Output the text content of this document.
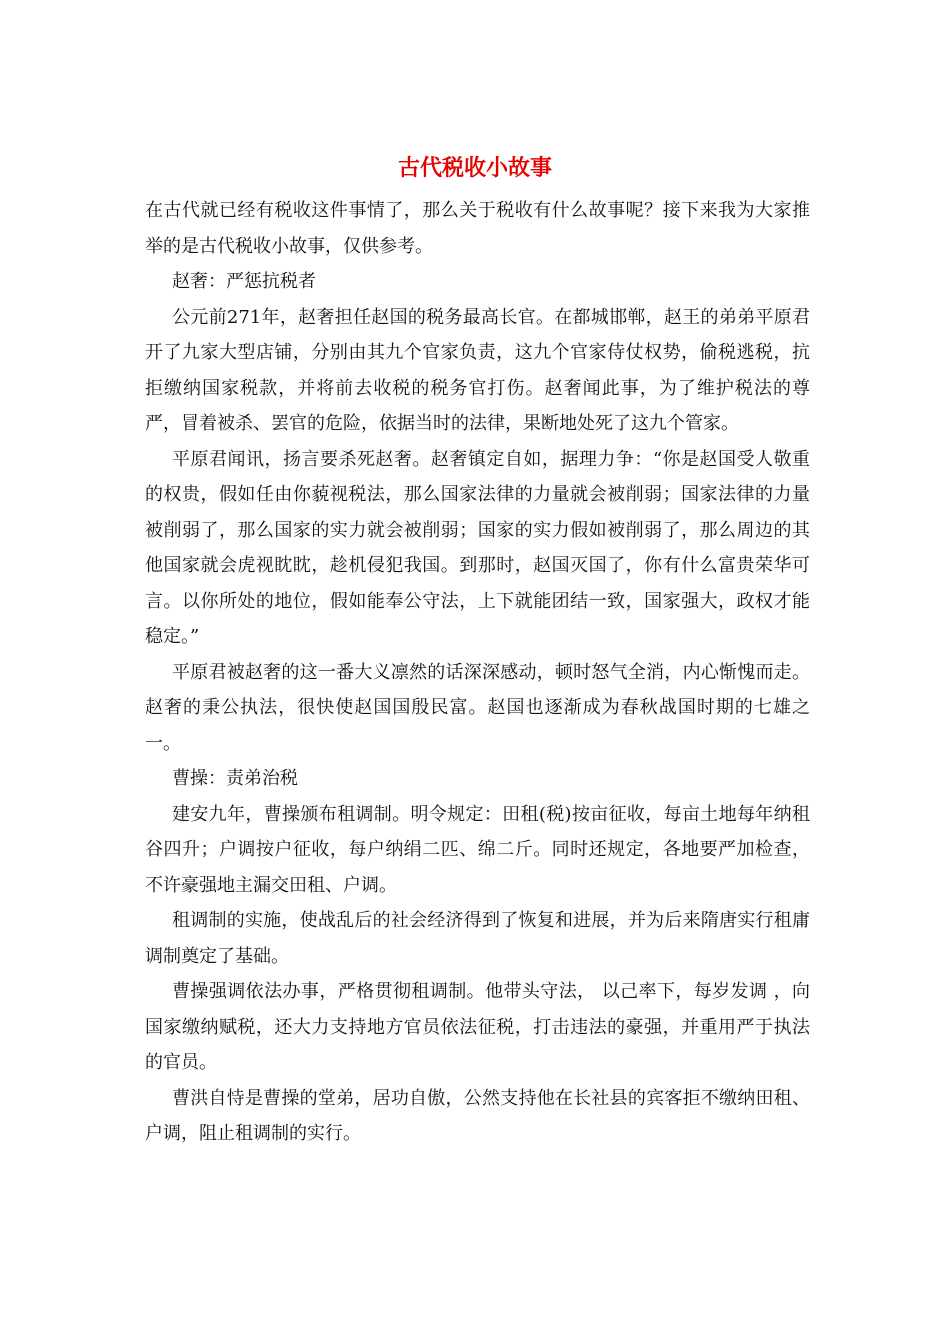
古代税收小故事

在古代就已经有税收这件事情了，那么关于税收有什么故事呢？接下来我为大家推举的是古代税收小故事，仅供参考。

赵奢：严惩抗税者

公元前271年，赵奢担任赵国的税务最高长官。在都城邯郸，赵王的弟弟平原君开了九家大型店铺，分别由其九个官家负责，这九个官家侍仗权势，偷税逃税，抗拒缴纳国家税款，并将前去收税的税务官打伤。赵奢闻此事，为了维护税法的尊严，冒着被杀、罢官的危险，依据当时的法律，果断地处死了这九个管家。

平原君闻讯，扬言要杀死赵奢。赵奢镇定自如，据理力争：“你是赵国受人敬重的权贵，假如任由你藐视税法，那么国家法律的力量就会被削弱；国家法律的力量被削弱了，那么国家的实力就会被削弱；国家的实力假如被削弱了，那么周边的其他国家就会虎视眈眈，趁机侵犯我国。到那时，赵国灭国了，你有什么富贵荣华可言。以你所处的地位，假如能奉公守法，上下就能团结一致，国家强大，政权才能稳定。”

平原君被赵奢的这一番大义凛然的话深深感动，顿时怒气全消，内心惭愧而走。赵奢的秉公执法，很快使赵国国殷民富。赵国也逐渐成为春秋战国时期的七雄之一。

曹操：责弟治税

建安九年，曹操颁布租调制。明令规定：田租(税)按亩征收，每亩土地每年纳租谷四升；户调按户征收，每户纳绢二匹、绵二斤。同时还规定，各地要严加检查，不许豪强地主漏交田租、户调。

租调制的实施，使战乱后的社会经济得到了恢复和进展，并为后来隋唐实行租庸调制奠定了基础。

曹操强调依法办事，严格贯彻租调制。他带头守法， 以己率下，每岁发调 ，向国家缴纳赋税，还大力支持地方官员依法征税，打击违法的豪强，并重用严于执法的官员。

曹洪自恃是曹操的堂弟，居功自傲，公然支持他在长社县的宾客拒不缴纳田租、户调，阻止租调制的实行。
